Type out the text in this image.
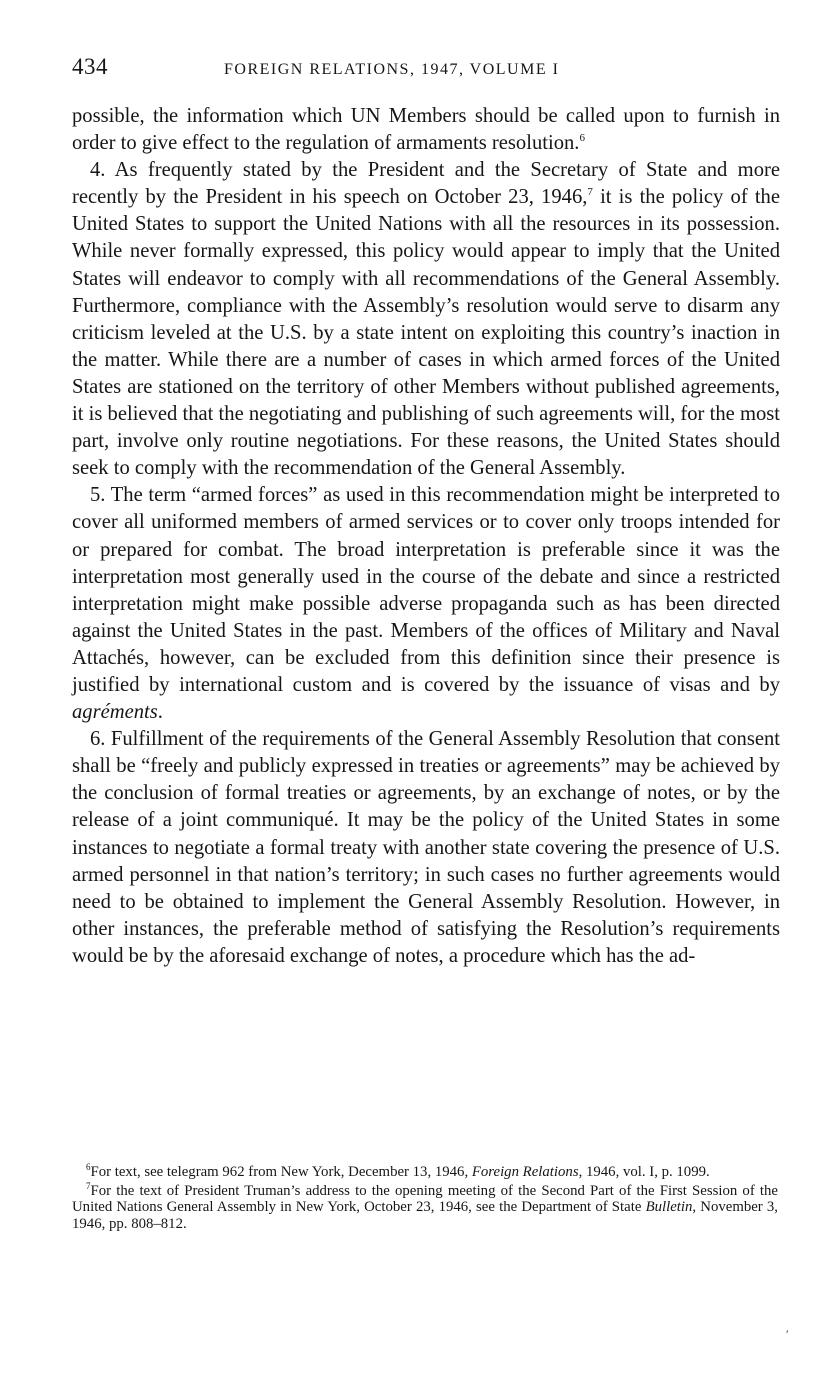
434	FOREIGN RELATIONS, 1947, VOLUME I

possible, the information which UN Members should be called upon to furnish in order to give effect to the regulation of armaments resolution.$^6$

4. As frequently stated by the President and the Secretary of State and more recently by the President in his speech on October 23, 1946,$^7$ it is the policy of the United States to support the United Nations with all the resources in its possession. While never formally expressed, this policy would appear to imply that the United States will endeavor to comply with all recommendations of the General Assembly. Furthermore, compliance with the Assembly’s resolution would serve to disarm any criticism leveled at the U.S. by a state intent on exploiting this country’s inaction in the matter. While there are a number of cases in which armed forces of the United States are stationed on the territory of other Members without published agreements, it is believed that the negotiating and publishing of such agreements will, for the most part, involve only routine negotiations. For these reasons, the United States should seek to comply with the recommendation of the General Assembly.

5. The term “armed forces” as used in this recommendation might be interpreted to cover all uniformed members of armed services or to cover only troops intended for or prepared for combat. The broad interpretation is preferable since it was the interpretation most generally used in the course of the debate and since a restricted interpretation might make possible adverse propaganda such as has been directed against the United States in the past. Members of the offices of Military and Naval Attachés, however, can be excluded from this definition since their presence is justified by international custom and is covered by the issuance of visas and by agréments.

6. Fulfillment of the requirements of the General Assembly Resolution that consent shall be “freely and publicly expressed in treaties or agreements” may be achieved by the conclusion of formal treaties or agreements, by an exchange of notes, or by the release of a joint communiqué. It may be the policy of the United States in some instances to negotiate a formal treaty with another state covering the presence of U.S. armed personnel in that nation’s territory; in such cases no further agreements would need to be obtained to implement the General Assembly Resolution. However, in other instances, the preferable method of satisfying the Resolution’s requirements would be by the aforesaid exchange of notes, a procedure which has the ad-

$^6$For text, see telegram 962 from New York, December 13, 1946, Foreign Relations, 1946, vol. I, p. 1099.

$^7$For the text of President Truman’s address to the opening meeting of the Second Part of the First Session of the United Nations General Assembly in New York, October 23, 1946, see the Department of State Bulletin, November 3, 1946, pp. 808–812.

′
